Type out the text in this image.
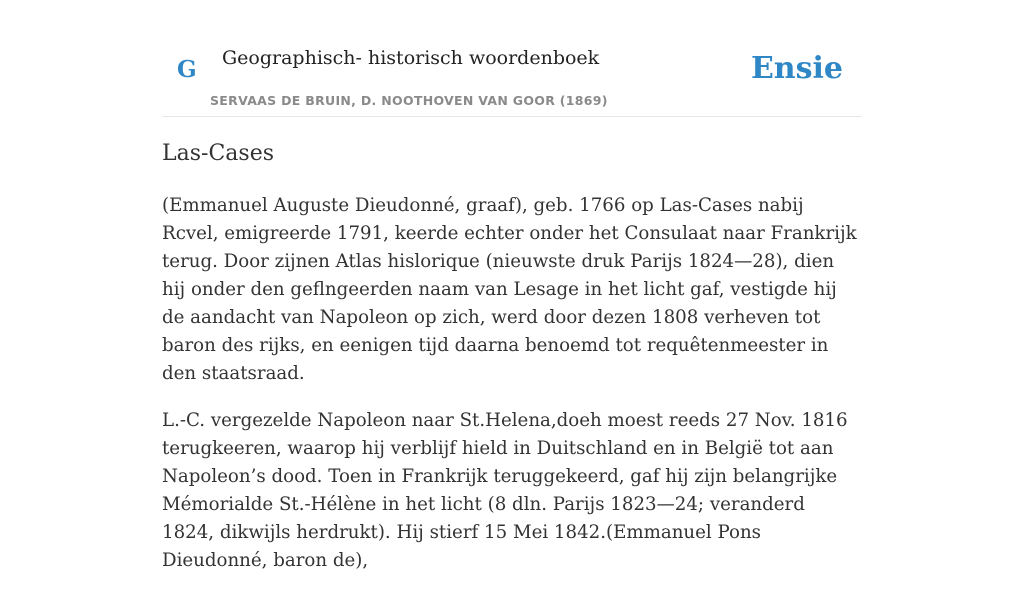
G Geographisch- historisch woordenboek
SERVAAS DE BRUIN, D. NOOTHOVEN VAN GOOR (1869)
Ensie
Las-Cases

(Emmanuel Auguste Dieudonné, graaf), geb. 1766 op Las-Cases nabij Rcvel, emigreerde 1791, keerde echter onder het Consulaat naar Frankrijk terug. Door zijnen Atlas hislorique (nieuwste druk Parijs 1824—28), dien hij onder den geflngeerden naam van Lesage in het licht gaf, vestigde hij de aandacht van Napoleon op zich, werd door dezen 1808 verheven tot baron des rijks, en eenigen tijd daarna benoemd tot requêtenmeester in den staatsraad.

L.-C. vergezelde Napoleon naar St.Helena,doeh moest reeds 27 Nov. 1816 terugkeeren, waarop hij verblijf hield in Duitschland en in België tot aan Napoleon’s dood. Toen in Frankrijk teruggekeerd, gaf hij zijn belangrijke Mémorialde St.-Hélène in het licht (8 dln. Parijs 1823—24; veranderd 1824, dikwijls herdrukt). Hij stierf 15 Mei 1842.(Emmanuel Pons Dieudonné, baron de),
